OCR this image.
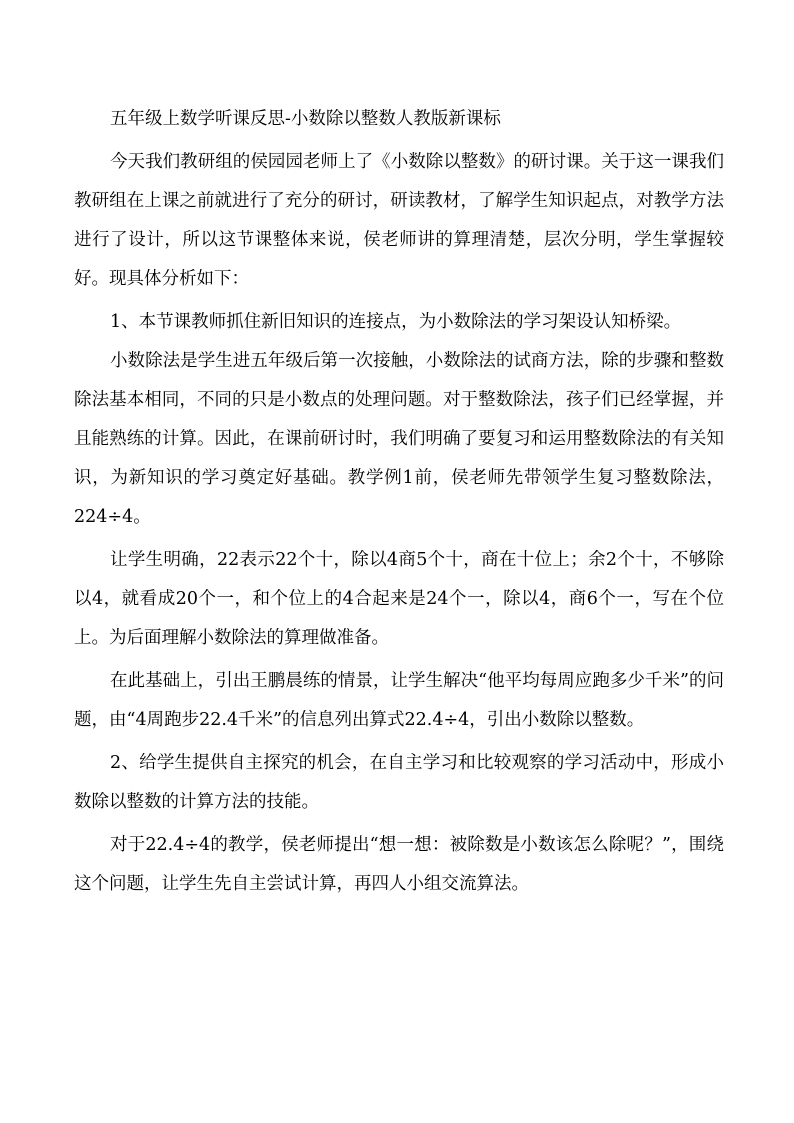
五年级上数学听课反思-小数除以整数人教版新课标

今天我们教研组的侯园园老师上了《小数除以整数》的研讨课。关于这一课我们教研组在上课之前就进行了充分的研讨，研读教材，了解学生知识起点，对教学方法进行了设计，所以这节课整体来说，侯老师讲的算理清楚，层次分明，学生掌握较好。现具体分析如下：

1、本节课教师抓住新旧知识的连接点，为小数除法的学习架设认知桥梁。

小数除法是学生进五年级后第一次接触，小数除法的试商方法，除的步骤和整数除法基本相同，不同的只是小数点的处理问题。对于整数除法，孩子们已经掌握，并且能熟练的计算。因此，在课前研讨时，我们明确了要复习和运用整数除法的有关知识，为新知识的学习奠定好基础。教学例1前，侯老师先带领学生复习整数除法，224÷4。

让学生明确，22表示22个十，除以4商5个十，商在十位上；余2个十，不够除以4，就看成20个一，和个位上的4合起来是24个一，除以4，商6个一，写在个位上。为后面理解小数除法的算理做准备。

在此基础上，引出王鹏晨练的情景，让学生解决“他平均每周应跑多少千米”的问题，由“4周跑步22.4千米”的信息列出算式22.4÷4，引出小数除以整数。

2、给学生提供自主探究的机会，在自主学习和比较观察的学习活动中，形成小数除以整数的计算方法的技能。

对于22.4÷4的教学，侯老师提出“想一想：被除数是小数该怎么除呢？”，围绕这个问题，让学生先自主尝试计算，再四人小组交流算法。
